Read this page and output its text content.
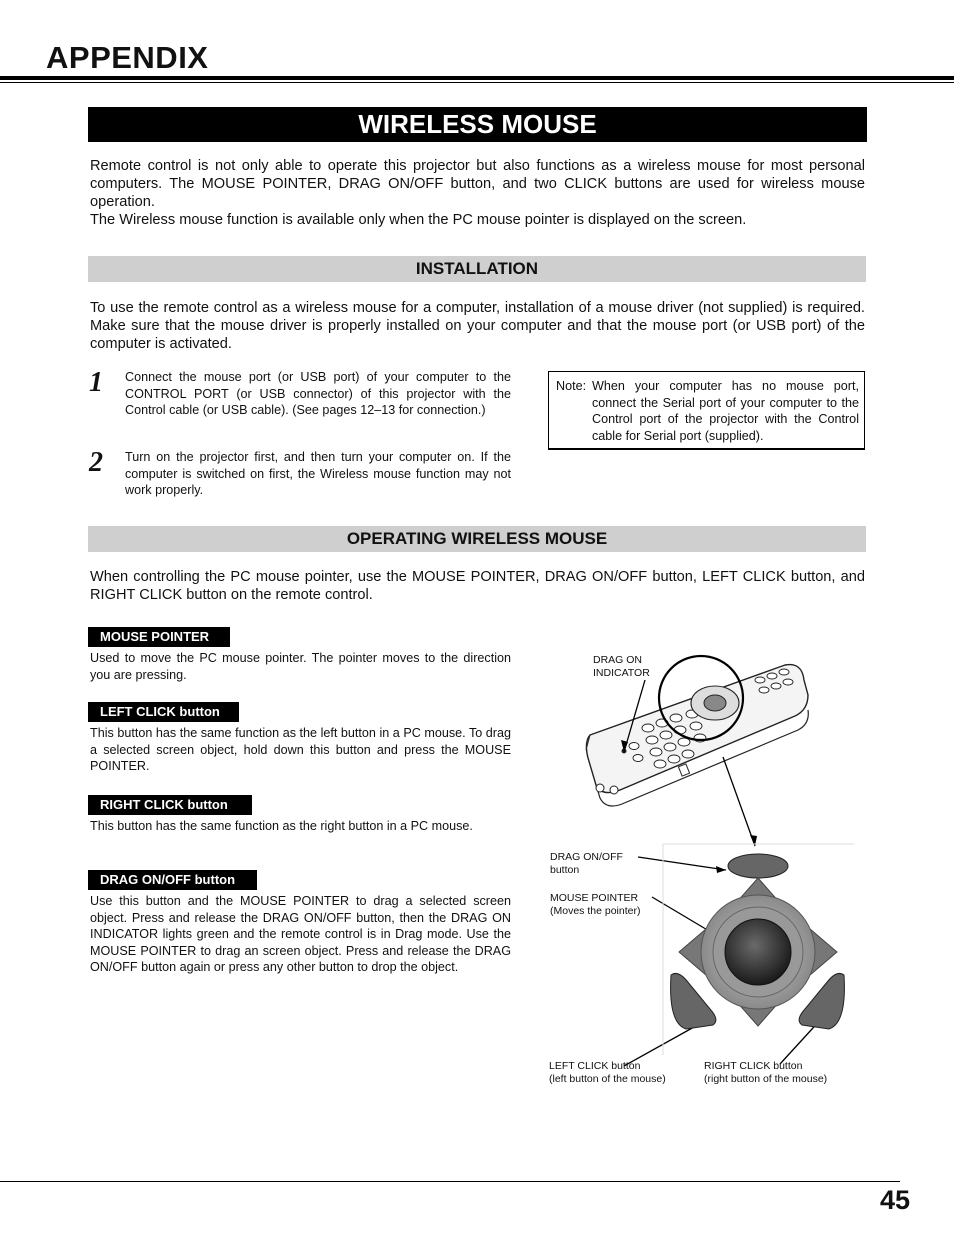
APPENDIX
WIRELESS MOUSE
Remote control is not only able to operate this projector but also functions as a wireless mouse for most personal computers. The MOUSE POINTER, DRAG ON/OFF button, and two CLICK buttons are used for wireless mouse operation.
The Wireless mouse function is available only when the PC mouse pointer is displayed on the screen.
INSTALLATION
To use the remote control as a wireless mouse for a computer, installation of a mouse driver (not supplied) is required. Make sure that the mouse driver is properly installed on your computer and that the mouse port (or USB port) of the computer is activated.
1 Connect the mouse port (or USB port) of your computer to the CONTROL PORT (or USB connector) of this projector with the Control cable (or USB cable). (See pages 12–13 for connection.)
2 Turn on the projector first, and then turn your computer on. If the computer is switched on first, the Wireless mouse function may not work properly.
Note: When your computer has no mouse port, connect the Serial port of your computer to the Control port of the projector with the Control cable for Serial port (supplied).
OPERATING WIRELESS MOUSE
When controlling the PC mouse pointer, use the MOUSE POINTER, DRAG ON/OFF button, LEFT CLICK button, and RIGHT CLICK button on the remote control.
MOUSE POINTER
Used to move the PC mouse pointer. The pointer moves to the direction you are pressing.
LEFT CLICK button
This button has the same function as the left button in a PC mouse. To drag a selected screen object, hold down this button and press the MOUSE POINTER.
RIGHT CLICK button
This button has the same function as the right button in a PC mouse.
DRAG ON/OFF button
Use this button and the MOUSE POINTER to drag a selected screen object. Press and release the DRAG ON/OFF button, then the DRAG ON INDICATOR lights green and the remote control is in Drag mode. Use the MOUSE POINTER to drag an screen object. Press and release the DRAG ON/OFF button again or press any other button to drop the object.
DRAG ON
INDICATOR
DRAG ON/OFF
button
MOUSE POINTER
(Moves the pointer)
LEFT CLICK button
(left button of the mouse)
RIGHT CLICK button
(right button of the mouse)
45
